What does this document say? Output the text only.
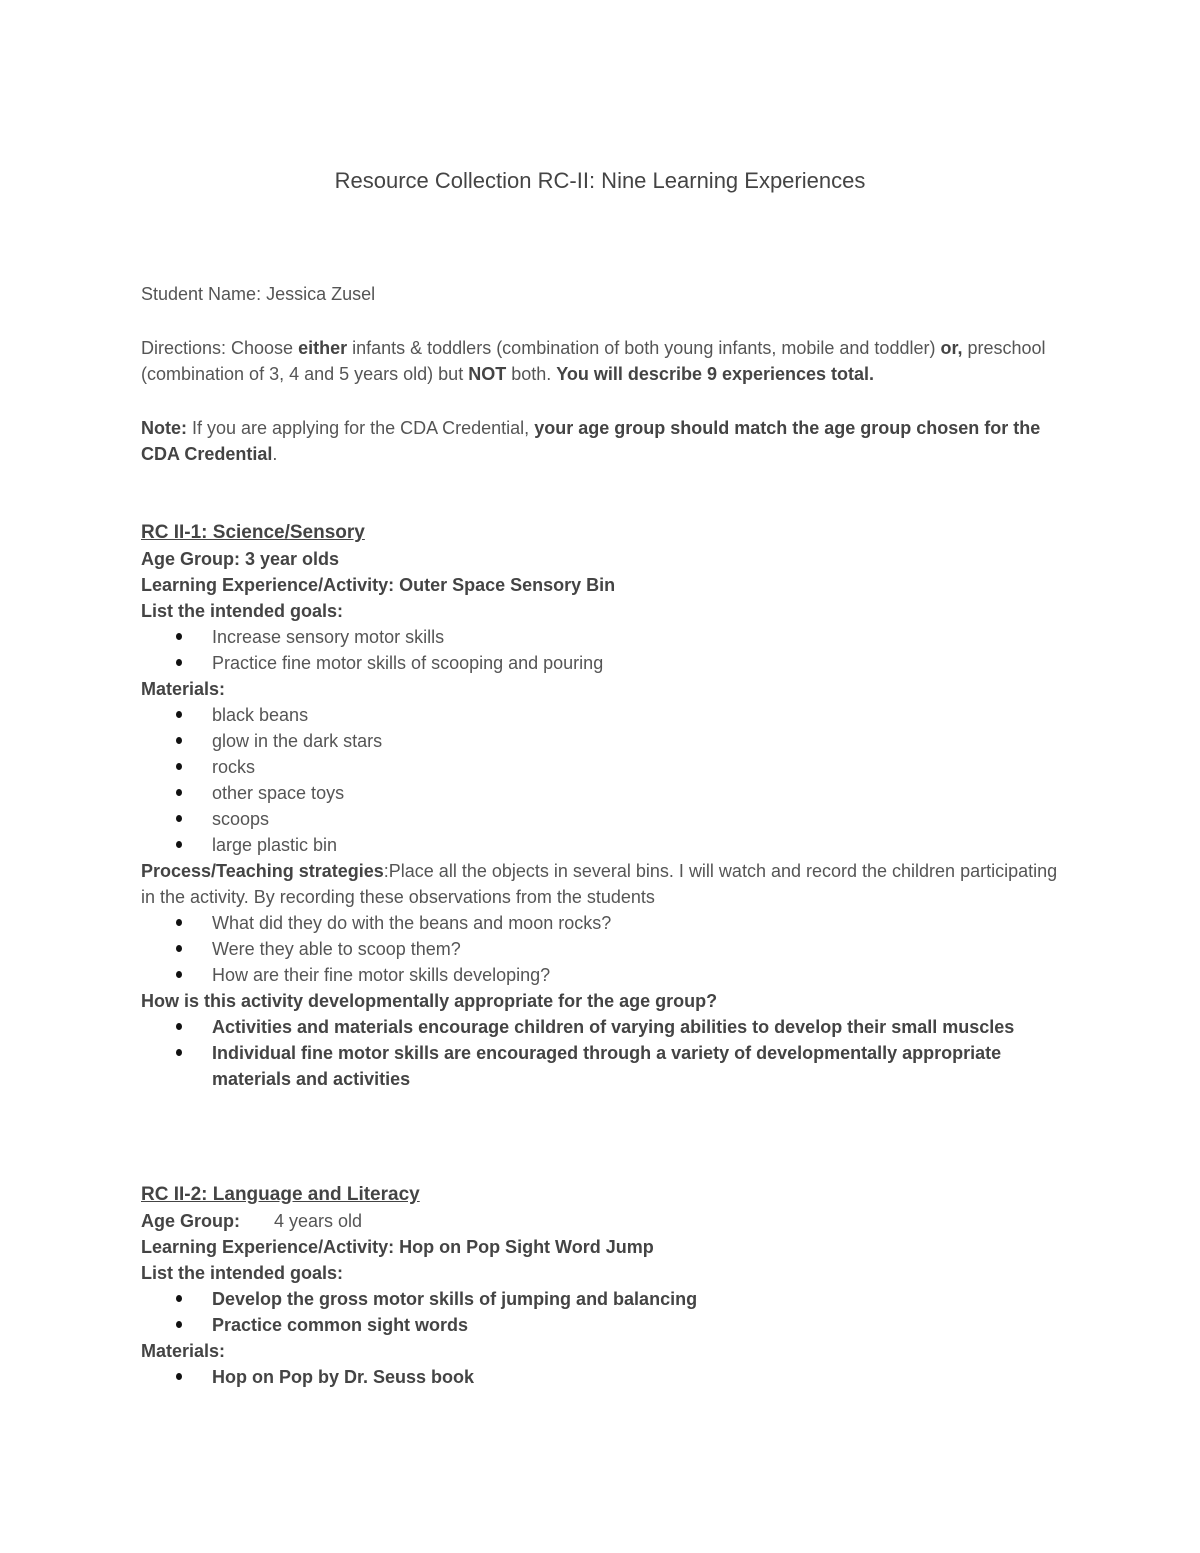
Resource Collection RC-II: Nine Learning Experiences
Student Name: Jessica Zusel
Directions: Choose either infants & toddlers (combination of both young infants, mobile and toddler) or, preschool (combination of 3, 4 and 5 years old) but NOT both. You will describe 9 experiences total.
Note: If you are applying for the CDA Credential, your age group should match the age group chosen for the CDA Credential.
RC II-1: Science/Sensory
Age Group: 3 year olds
Learning Experience/Activity: Outer Space Sensory Bin
List the intended goals:
Increase sensory motor skills
Practice fine motor skills of scooping and pouring
Materials:
black beans
glow in the dark stars
rocks
other space toys
scoops
large plastic bin
Process/Teaching strategies:Place all the objects in several bins. I will watch and record the children participating in the activity. By recording these observations from the students
What did they do with the beans and moon rocks?
Were they able to scoop them?
How are their fine motor skills developing?
How is this activity developmentally appropriate for the age group?
Activities and materials encourage children of varying abilities to develop their small muscles
Individual fine motor skills are encouraged through a variety of developmentally appropriate materials and activities
RC II-2: Language and Literacy
Age Group: 4 years old
Learning Experience/Activity: Hop on Pop Sight Word Jump
List the intended goals:
Develop the gross motor skills of jumping and balancing
Practice common sight words
Materials:
Hop on Pop by Dr. Seuss book
